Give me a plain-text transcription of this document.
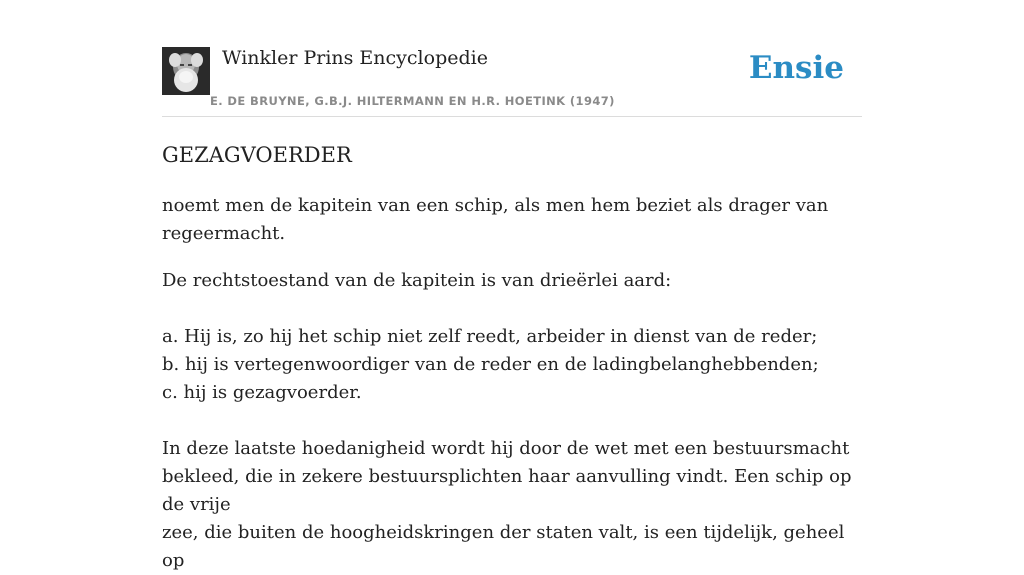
Winkler Prins Encyclopedie
E. DE BRUYNE, G.B.J. HILTERMANN EN H.R. HOETINK (1947)
Ensie
GEZAGVOERDER

noemt men de kapitein van een schip, als men hem beziet als drager van
regeermacht.

De rechtstoestand van de kapitein is van drieërlei aard:

a. Hij is, zo hij het schip niet zelf reedt, arbeider in dienst van de reder;
b. hij is vertegenwoordiger van de reder en de ladingbelanghebbenden;
c. hij is gezagvoerder.

In deze laatste hoedanigheid wordt hij door de wet met een bestuursmacht
bekleed, die in zekere bestuursplichten haar aanvulling vindt. Een schip op de vrije
zee, die buiten de hoogheidskringen der staten valt, is een tijdelijk, geheel op
